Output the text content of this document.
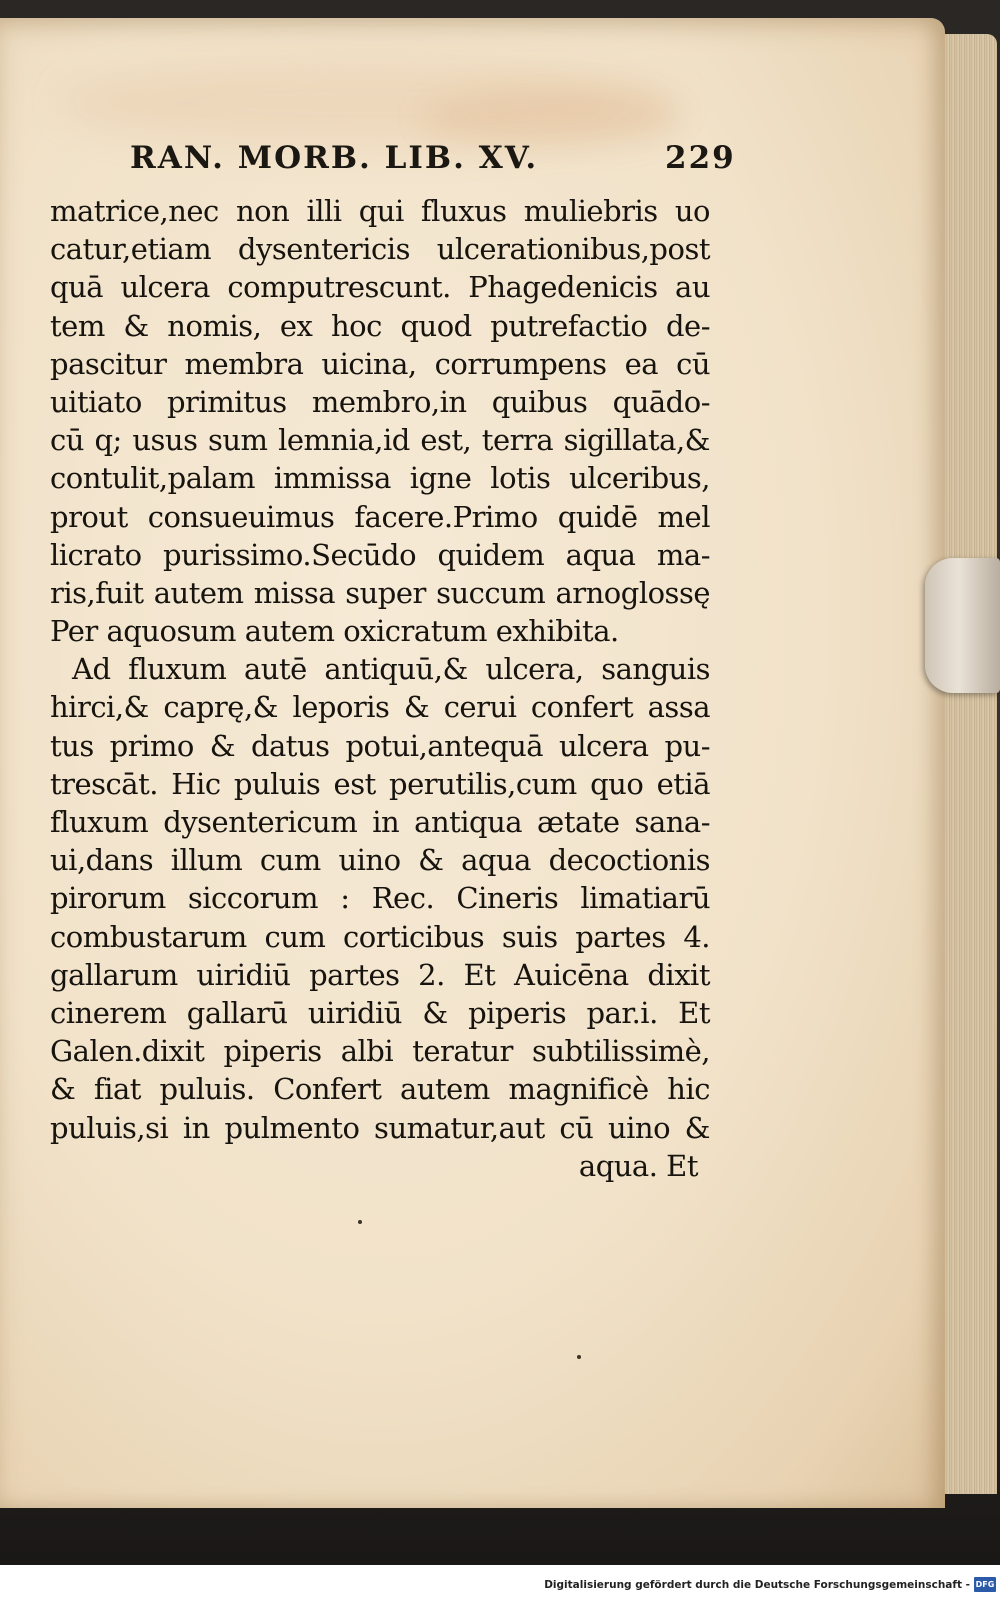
RAN. MORB. LIB. XV.	229
matrice,nec non illi qui fluxus muliebris uo
catur,etiam dysentericis ulcerationibus,post
quā ulcera computrescunt. Phagedenicis au
tem & nomis, ex hoc quod putrefactio de-
pascitur membra uicina, corrumpens ea cū
uitiato primitus membro,in quibus quādo-
cū q; usus sum lemnia,id est, terra sigillata,&
contulit,palam immissa igne lotis ulceribus,
prout consueuimus facere.Primo quidē mel
licrato purissimo.Secūdo quidem aqua ma-
ris,fuit autem missa super succum arnoglossę
Per aquosum autem oxicratum exhibita.
Ad fluxum autē antiquū,& ulcera, sanguis
hirci,& caprę,& leporis & cerui confert assa
tus primo & datus potui,antequā ulcera pu-
trescāt. Hic puluis est perutilis,cum quo etiā
fluxum dysentericum in antiqua ætate sana-
ui,dans illum cum uino & aqua decoctionis
pirorum siccorum : Rec. Cineris limatiarū
combustarum cum corticibus suis partes 4.
gallarum uiridiū partes 2. Et Auicēna dixit
cinerem gallarū uiridiū & piperis par.i. Et
Galen.dixit piperis albi teratur subtilissimè,
& fiat puluis. Confert autem magnificè hic
puluis,si in pulmento sumatur,aut cū uino &
aqua. Et
Digitalisierung gefördert durch die Deutsche Forschungsgemeinschaft - DFG
